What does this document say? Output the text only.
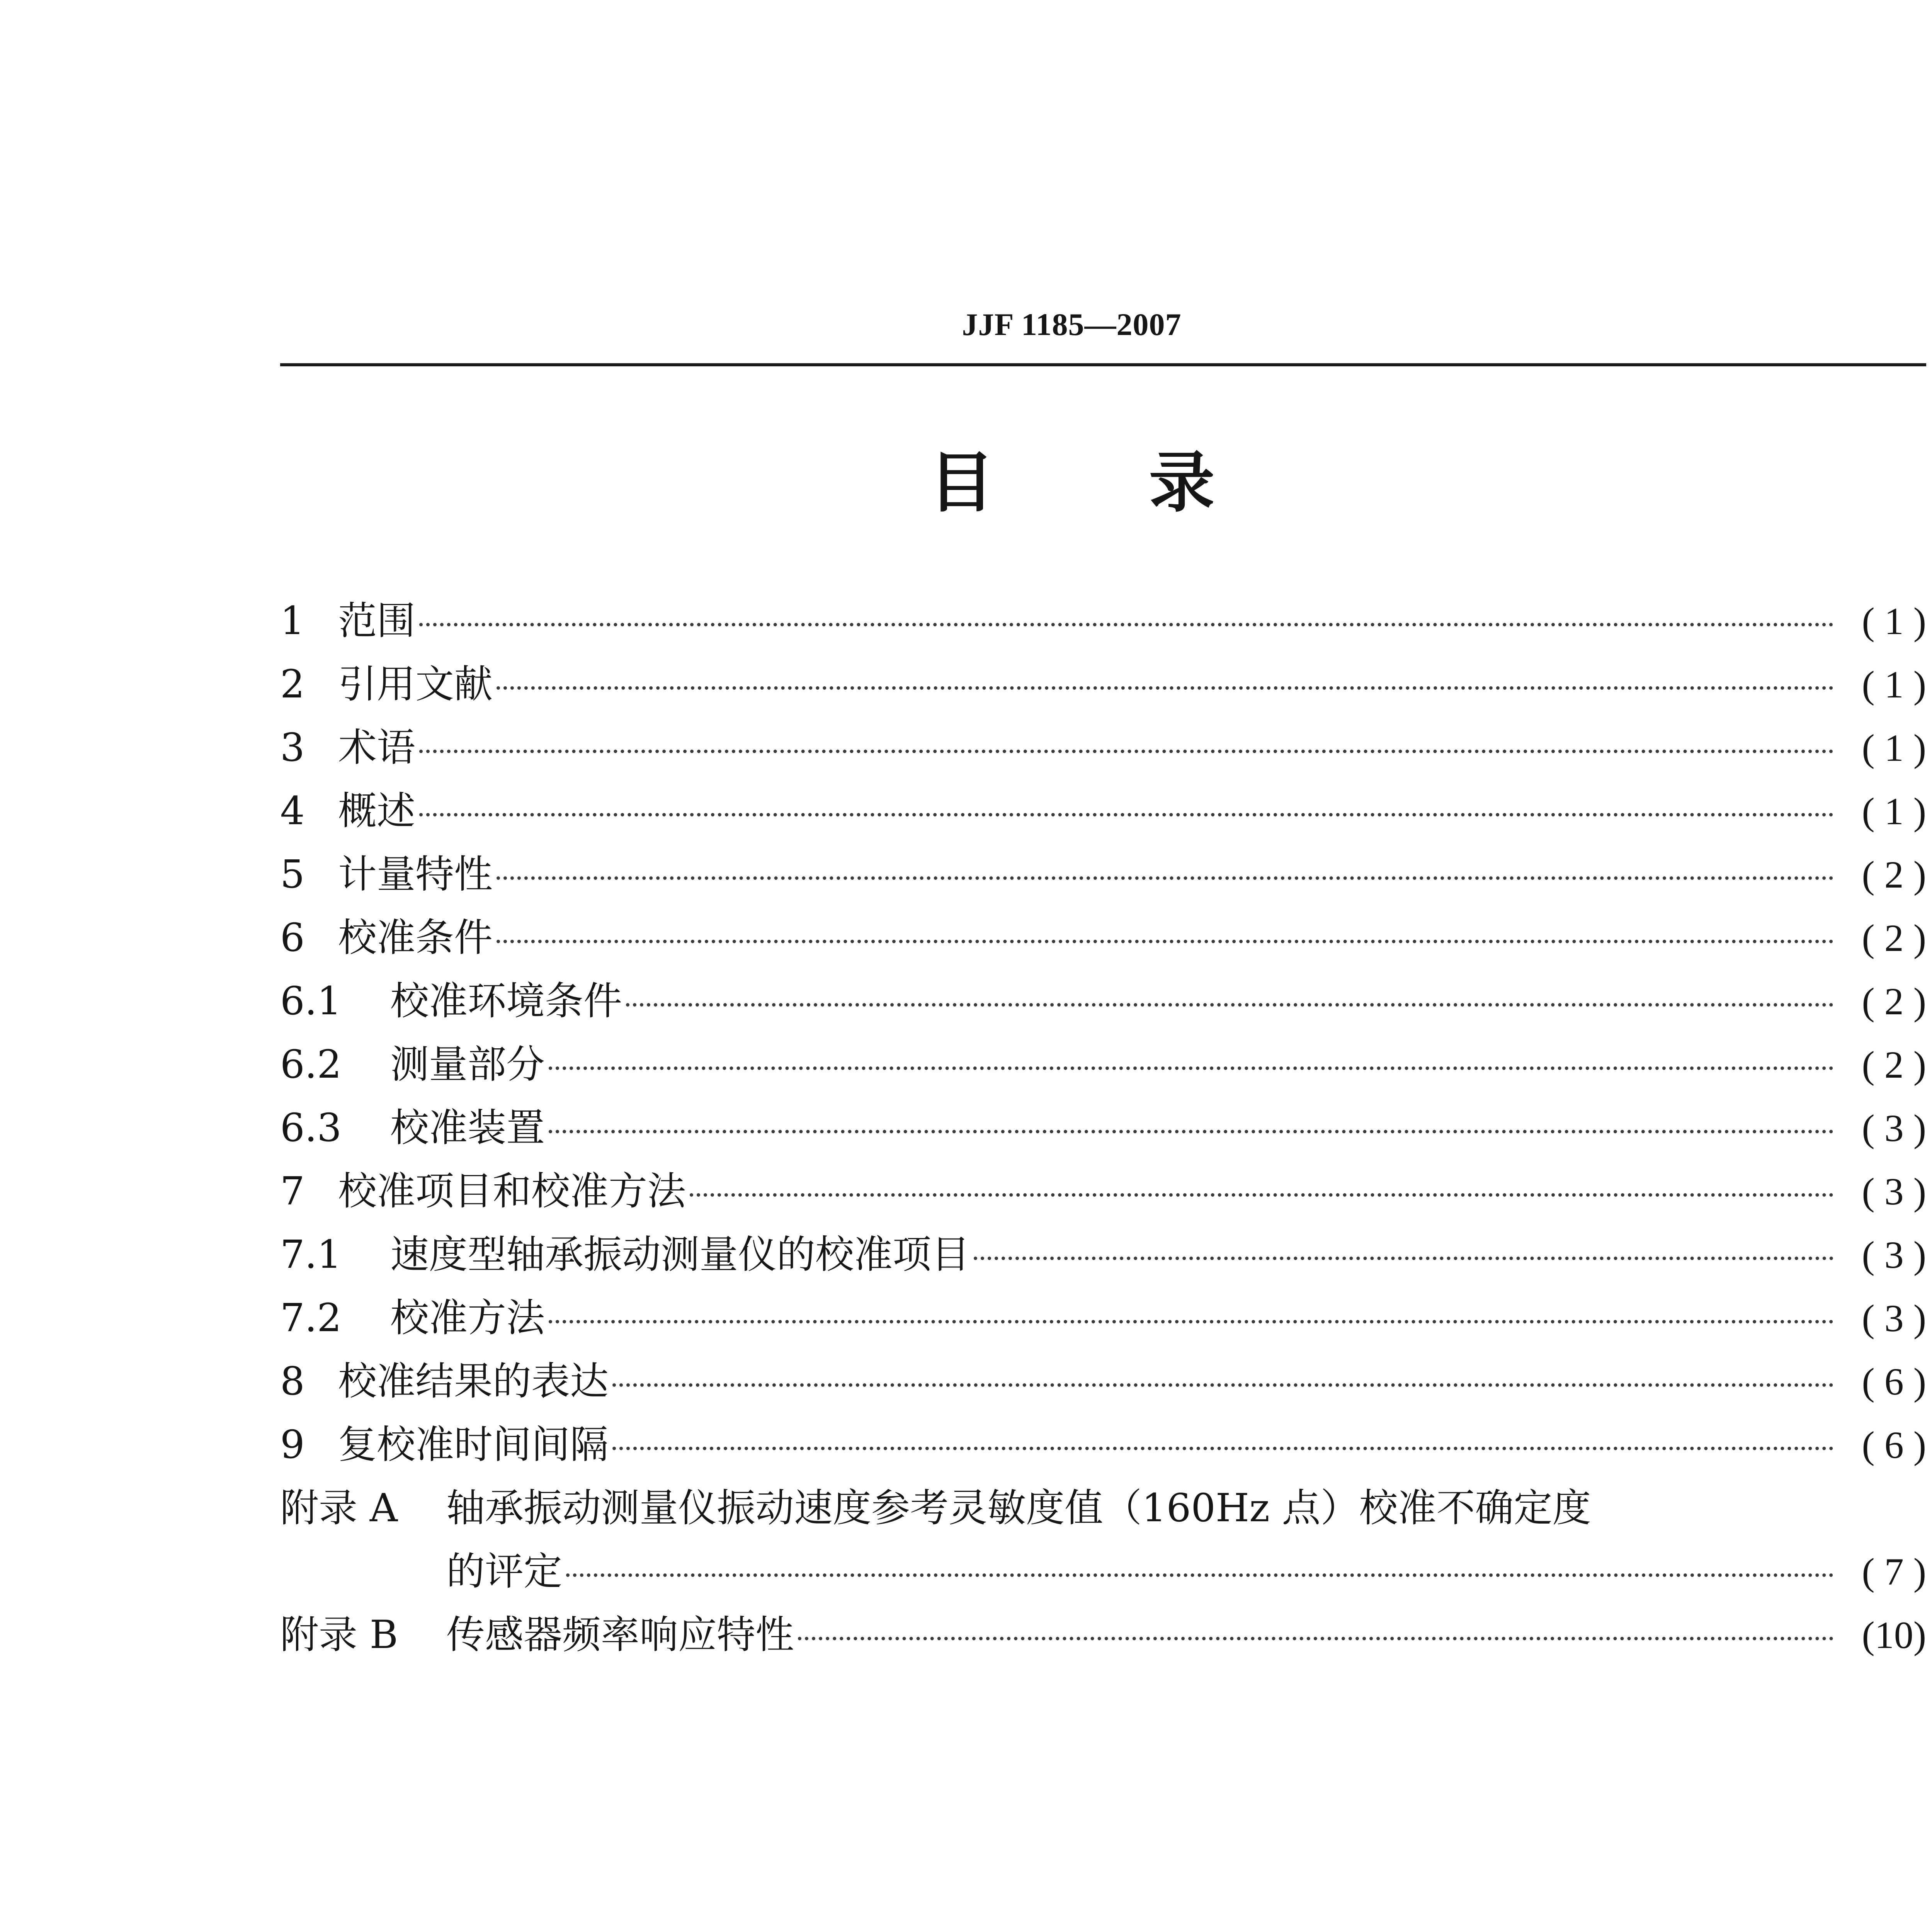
JJF 1185—2007
目 录
1 范围	( 1 )
2 引用文献	( 1 )
3 术语	( 1 )
4 概述	( 1 )
5 计量特性	( 2 )
6 校准条件	( 2 )
6.1	校准环境条件	( 2 )
6.2	测量部分	( 2 )
6.3	校准装置	( 3 )
7 校准项目和校准方法	( 3 )
7.1	速度型轴承振动测量仪的校准项目	( 3 )
7.2	校准方法	( 3 )
8 校准结果的表达	( 6 )
9 复校准时间间隔	( 6 )
附录 A	轴承振动测量仪振动速度参考灵敏度值（160Hz 点）校准不确定度
的评定	( 7 )
附录 B	传感器频率响应特性	(10)
